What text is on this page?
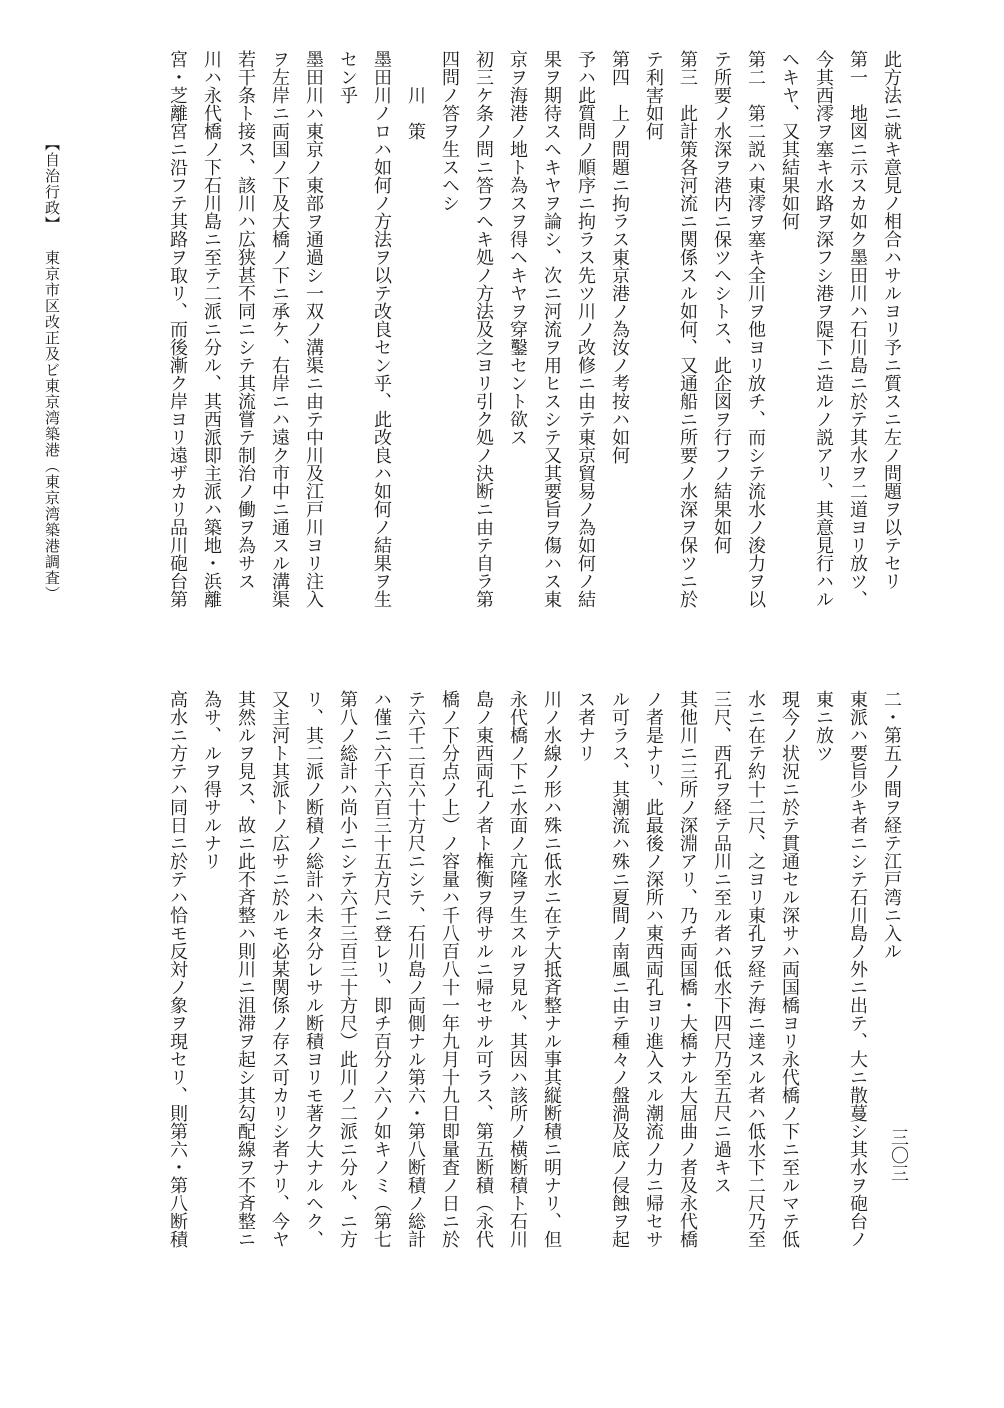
此方法ニ就キ意見ノ相合ハサルヨリ予ニ質スニ左ノ問題ヲ以テセリ
第一　地図ニ示スカ如ク墨田川ハ石川島ニ於テ其水ヲ二道ヨリ放ツ、
今其西澪ヲ塞キ水路ヲ深フシ港ヲ隄下ニ造ルノ説アリ、其意見行ハル
ヘキヤ、又其結果如何
第二　第二説ハ東澪ヲ塞キ全川ヲ他ヨリ放チ、而シテ流水ノ浚力ヲ以
テ所要ノ水深ヲ港内ニ保ツヘシトス、此企図ヲ行フノ結果如何
第三　此計策各河流ニ関係スル如何、又通船ニ所要ノ水深ヲ保ツニ於
テ利害如何
第四　上ノ問題ニ拘ラス東京港ノ為汝ノ考按ハ如何
予ハ此質問ノ順序ニ拘ラス先ツ川ノ改修ニ由テ東京貿易ノ為如何ノ結
果ヲ期待スヘキヤヲ論シ、次ニ河流ヲ用ヒスシテ又其要旨ヲ傷ハス東
京ヲ海港ノ地ト為スヲ得ヘキヤヲ穿鑿セント欲ス
初三ケ条ノ問ニ答フヘキ処ノ方法及之ヨリ引ク処ノ決断ニ由テ自ラ第
四問ノ答ヲ生スヘシ
　　川　策
墨田川ノロハ如何ノ方法ヲ以テ改良セン乎、此改良ハ如何ノ結果ヲ生
セン乎
墨田川ハ東京ノ東部ヲ通過シ一双ノ溝渠ニ由テ中川及江戸川ヨリ注入
ヲ左岸ニ両国ノ下及大橋ノ下ニ承ケ、右岸ニハ遠ク市中ニ通スル溝渠
若干条ト接ス、該川ハ広狭甚不同ニシテ其流嘗テ制治ノ働ヲ為サス
川ハ永代橋ノ下石川島ニ至テ二派ニ分ル、其西派即主派ハ築地・浜離
宮・芝離宮ニ沿フテ其路ヲ取リ、而後漸ク岸ヨリ遠ザカリ品川砲台第
二・第五ノ間ヲ経テ江戸湾ニ入ル
東派ハ要旨少キ者ニシテ石川島ノ外ニ出テ、大ニ散蔓シ其水ヲ砲台ノ
東ニ放ツ
現今ノ状況ニ於テ貫通セル深サハ両国橋ヨリ永代橋ノ下ニ至ルマテ低
水ニ在テ約十二尺、之ヨリ東孔ヲ経テ海ニ達スル者ハ低水下二尺乃至
三尺、西孔ヲ経テ品川ニ至ル者ハ低水下四尺乃至五尺ニ過キス
其他川ニ三所ノ深淵アリ、乃チ両国橋・大橋ナル大屈曲ノ者及永代橋
ノ者是ナリ、此最後ノ深所ハ東西両孔ヨリ進入スル潮流ノ力ニ帰セサ
ル可ラス、其潮流ハ殊ニ夏間ノ南風ニ由テ種々ノ盤渦及底ノ侵蝕ヲ起
ス者ナリ
川ノ水線ノ形ハ殊ニ低水ニ在テ大抵斉整ナル事其縦断積ニ明ナリ、但
永代橋ノ下ニ水面ノ亢隆ヲ生スルヲ見ル、其因ハ該所ノ横断積ト石川
島ノ東西両孔ノ者ト権衡ヲ得サルニ帰セサル可ラス、第五断積（永代
橋ノ下分点ノ上）ノ容量ハ千八百八十一年九月十九日即量査ノ日ニ於
テ六千二百六十方尺ニシテ、石川島ノ両側ナル第六・第八断積ノ総計
ハ僅ニ六千六百三十五方尺ニ登レリ、即チ百分ノ六ノ如キノミ（第七
第八ノ総計ハ尚小ニシテ六千三百三十方尺）此川ノ二派ニ分ル、ニ方
リ、其二派ノ断積ノ総計ハ未タ分レサル断積ヨリモ著ク大ナルヘク、
又主河ト其派トノ広サニ於ルモ必某関係ノ存ス可カリシ者ナリ、今ヤ
其然ルヲ見ス、故ニ此不斉整ハ則川ニ沮滞ヲ起シ其勾配線ヲ不斉整ニ
為サ、ルヲ得サルナリ
高水ニ方テハ同日ニ於テハ恰モ反対ノ象ヲ現セリ、則第六・第八断積
【自治行政】
東京市区改正及ビ東京湾築港（東京湾築港調査）
三〇三
